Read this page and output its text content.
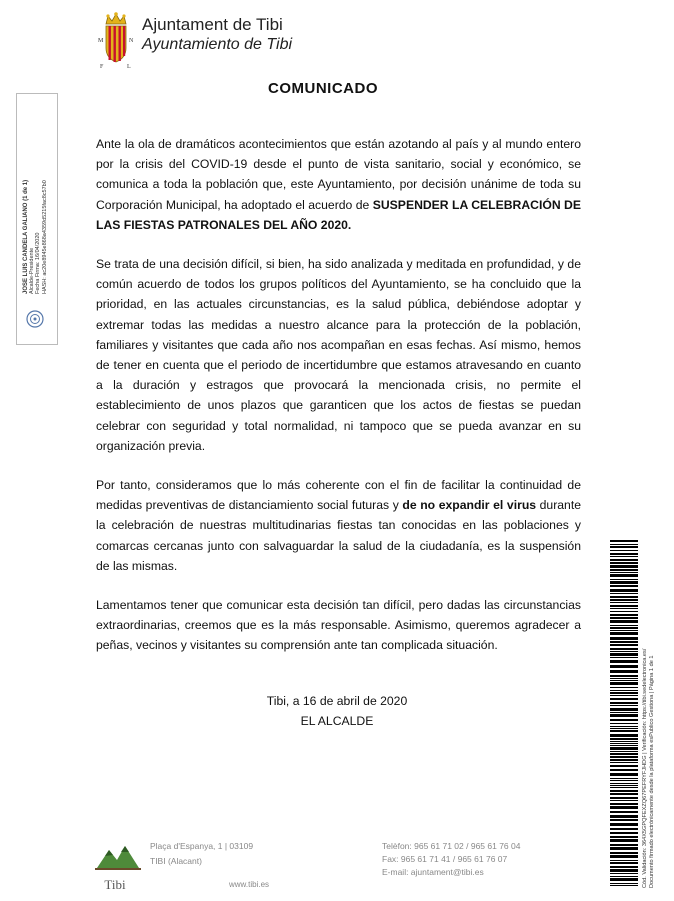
M	N
F	L
Ajuntament de Tibi
Ayuntamiento de Tibi
COMUNICADO

Ante la ola de dramáticos acontecimientos que están azotando al país y al mundo entero por la crisis del COVID-19 desde el punto de vista sanitario, social y económico, se comunica a toda la población que, este Ayuntamiento, por decisión unánime de toda su Corporación Municipal, ha adoptado el acuerdo de SUSPENDER LA CELEBRACIÓN DE LAS FIESTAS PATRONALES DEL AÑO 2020.

Se trata de una decisión difícil, si bien, ha sido analizada y meditada en profundidad, y de común acuerdo de todos los grupos políticos del Ayuntamiento, se ha concluido que la prioridad, en las actuales circunstancias, es la salud pública, debiéndose adoptar y extremar todas las medidas a nuestro alcance para la protección de la población, familiares y visitantes que cada año nos acompañan en esas fechas. Así mismo, hemos de tener en cuenta que el periodo de incertidumbre que estamos atravesando en cuanto a la duración y estragos que provocará la mencionada crisis, no permite el establecimiento de unos plazos que garanticen que los actos de fiestas se puedan celebrar con seguridad y total normalidad, ni tampoco que se pueda avanzar en su organización previa.

Por tanto, consideramos que lo más coherente con el fin de facilitar la continuidad de medidas preventivas de distanciamiento social futuras y de no expandir el virus durante la celebración de nuestras multitudinarias fiestas tan conocidas en las poblaciones y comarcas cercanas junto con salvaguardar la salud de la ciudadanía, es la suspensión de las mismas.

Lamentamos tener que comunicar esta decisión tan difícil, pero dadas las circunstancias extraordinarias, creemos que es la más responsable. Asimismo, queremos agradecer a peñas, vecinos y visitantes su comprensión ante tan complicada situación.

Tibi, a 16 de abril de 2020
EL ALCALDE
JOSE LUIS CANDELA GALIANO (1 de 1) Alcalde-Presidente Fecha Firma: 16/04/2020 HASH: ac20e8945e868a4359d5215fac8c57b0
Cód. Validación: 364X5GPQFEXZQ67PEFRYFJHDG | Verificación: https://tibi.sedelectronica.es/ Documento firmado electrónicamente desde la plataforma esPublico Gestiona | Página 1 de 1
Tibi
Plaça d'Espanya, 1 | 03109
TIBI (Alacant)
Telèfon: 965 61 71 02 / 965 61 76 04
Fax: 965 61 71 41 / 965 61 76 07
E-mail: ajuntament@tibi.es
www.tibi.es
